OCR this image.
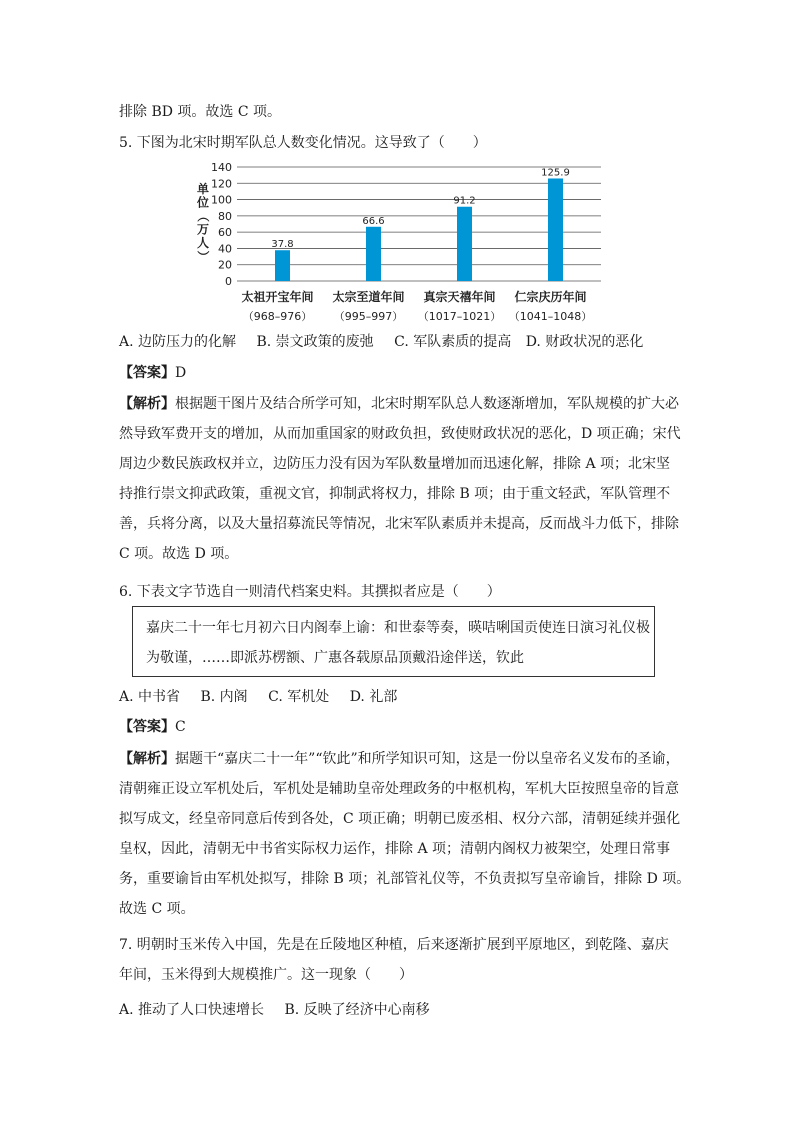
排除 BD 项。故选 C 项。
5. 下图为北宋时期军队总人数变化情况。这导致了（　　）
0
20
40
60
80
100
120
140
单
位
（
万
人
）
37.8
66.6
91.2
125.9
太祖开宝年间
（968–976）
太宗至道年间
（995–997）
真宗天禧年间
（1017–1021）
仁宗庆历年间
（1041–1048）
A. 边防压力的化解 B. 崇文政策的废弛 C. 军队素质的提高 D. 财政状况的恶化
【答案】D
【解析】根据题干图片及结合所学可知，北宋时期军队总人数逐渐增加，军队规模的扩大必
然导致军费开支的增加，从而加重国家的财政负担，致使财政状况的恶化，D 项正确；宋代
周边少数民族政权并立，边防压力没有因为军队数量增加而迅速化解，排除 A 项；北宋坚
持推行崇文抑武政策，重视文官，抑制武将权力，排除 B 项；由于重文轻武，军队管理不
善，兵将分离，以及大量招募流民等情况，北宋军队素质并未提高，反而战斗力低下，排除
C 项。故选 D 项。
6. 下表文字节选自一则清代档案史料。其撰拟者应是（　　）
嘉庆二十一年七月初六日内阁奉上谕：和世泰等奏，暎咭唎国贡使连日演习礼仪极
为敬谨，……即派苏楞额、广惠各载原品顶戴沿途伴送，钦此
A. 中书省 B. 内阁 C. 军机处 D. 礼部
【答案】C
【解析】据题干“嘉庆二十一年”“钦此”和所学知识可知，这是一份以皇帝名义发布的圣谕，
清朝雍正设立军机处后，军机处是辅助皇帝处理政务的中枢机构，军机大臣按照皇帝的旨意
拟写成文，经皇帝同意后传到各处，C 项正确；明朝已废丞相、权分六部，清朝延续并强化
皇权，因此，清朝无中书省实际权力运作，排除 A 项；清朝内阁权力被架空，处理日常事
务，重要谕旨由军机处拟写，排除 B 项；礼部管礼仪等，不负责拟写皇帝谕旨，排除 D 项。
故选 C 项。
7. 明朝时玉米传入中国，先是在丘陵地区种植，后来逐渐扩展到平原地区，到乾隆、嘉庆
年间，玉米得到大规模推广。这一现象（　　）
A. 推动了人口快速增长 B. 反映了经济中心南移
